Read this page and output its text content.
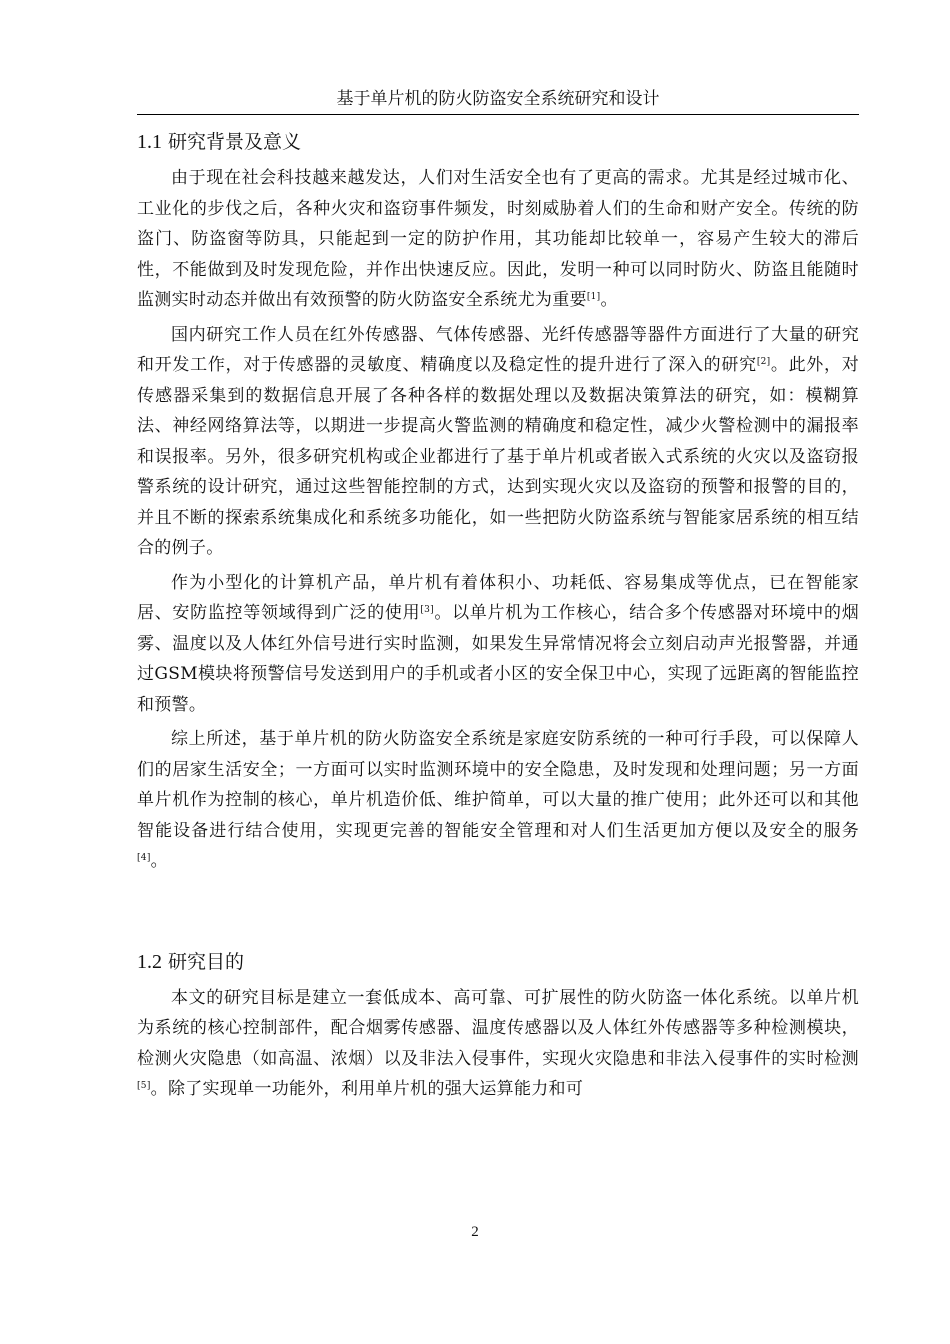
基于单片机的防火防盗安全系统研究和设计
1.1 研究背景及意义

由于现在社会科技越来越发达，人们对生活安全也有了更高的需求。尤其是经过城市化、工业化的步伐之后，各种火灾和盗窃事件频发，时刻威胁着人们的生命和财产安全。传统的防盗门、防盗窗等防具，只能起到一定的防护作用，其功能却比较单一，容易产生较大的滞后性，不能做到及时发现危险，并作出快速反应。因此，发明一种可以同时防火、防盗且能随时监测实时动态并做出有效预警的防火防盗安全系统尤为重要[1]。

国内研究工作人员在红外传感器、气体传感器、光纤传感器等器件方面进行了大量的研究和开发工作，对于传感器的灵敏度、精确度以及稳定性的提升进行了深入的研究[2]。此外，对传感器采集到的数据信息开展了各种各样的数据处理以及数据决策算法的研究，如：模糊算法、神经网络算法等，以期进一步提高火警监测的精确度和稳定性，减少火警检测中的漏报率和误报率。另外，很多研究机构或企业都进行了基于单片机或者嵌入式系统的火灾以及盗窃报警系统的设计研究，通过这些智能控制的方式，达到实现火灾以及盗窃的预警和报警的目的，并且不断的探索系统集成化和系统多功能化，如一些把防火防盗系统与智能家居系统的相互结合的例子。

作为小型化的计算机产品，单片机有着体积小、功耗低、容易集成等优点，已在智能家居、安防监控等领域得到广泛的使用[3]。以单片机为工作核心，结合多个传感器对环境中的烟雾、温度以及人体红外信号进行实时监测，如果发生异常情况将会立刻启动声光报警器，并通过GSM模块将预警信号发送到用户的手机或者小区的安全保卫中心，实现了远距离的智能监控和预警。

综上所述，基于单片机的防火防盗安全系统是家庭安防系统的一种可行手段，可以保障人们的居家生活安全；一方面可以实时监测环境中的安全隐患，及时发现和处理问题；另一方面单片机作为控制的核心，单片机造价低、维护简单，可以大量的推广使用；此外还可以和其他智能设备进行结合使用，实现更完善的智能安全管理和对人们生活更加方便以及安全的服务[4]。

1.2 研究目的

本文的研究目标是建立一套低成本、高可靠、可扩展性的防火防盗一体化系统。以单片机为系统的核心控制部件，配合烟雾传感器、温度传感器以及人体红外传感器等多种检测模块，检测火灾隐患（如高温、浓烟）以及非法入侵事件，实现火灾隐患和非法入侵事件的实时检测[5]。除了实现单一功能外，利用单片机的强大运算能力和可

2
